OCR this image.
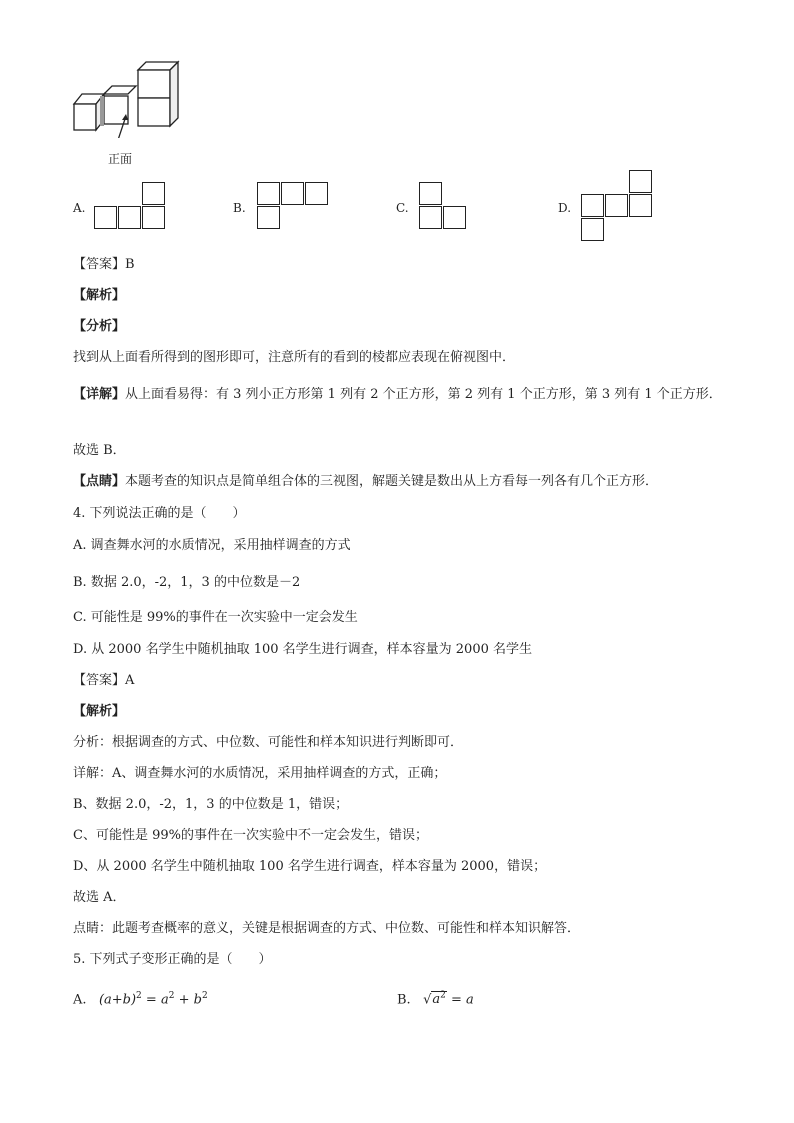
正面
A.	B.	C.	D.
【答案】B
【解析】
【分析】
找到从上面看所得到的图形即可，注意所有的看到的棱都应表现在俯视图中．
【详解】从上面看易得：有 3 列小正方形第 1 列有 2 个正方形，第 2 列有 1 个正方形，第 3 列有 1 个正方形．
故选 B．
【点睛】本题考查的知识点是简单组合体的三视图，解题关键是数出从上方看每一列各有几个正方形．
4. 下列说法正确的是（　　）
A. 调查舞水河的水质情况，采用抽样调查的方式
B. 数据 2.0，-2，1，3 的中位数是－2
C. 可能性是 99%的事件在一次实验中一定会发生
D. 从 2000 名学生中随机抽取 100 名学生进行调查，样本容量为 2000 名学生
【答案】A
【解析】
分析：根据调查的方式、中位数、可能性和样本知识进行判断即可．
详解：A、调查舞水河的水质情况，采用抽样调查的方式，正确；
B、数据 2.0，-2，1，3 的中位数是 1，错误；
C、可能性是 99%的事件在一次实验中不一定会发生，错误；
D、从 2000 名学生中随机抽取 100 名学生进行调查，样本容量为 2000，错误；
故选 A．
点睛：此题考查概率的意义，关键是根据调查的方式、中位数、可能性和样本知识解答．
5. 下列式子变形正确的是（　　）
A. $(a+b)^2 = a^2 + b^2$	B. $√a^2 = a$
